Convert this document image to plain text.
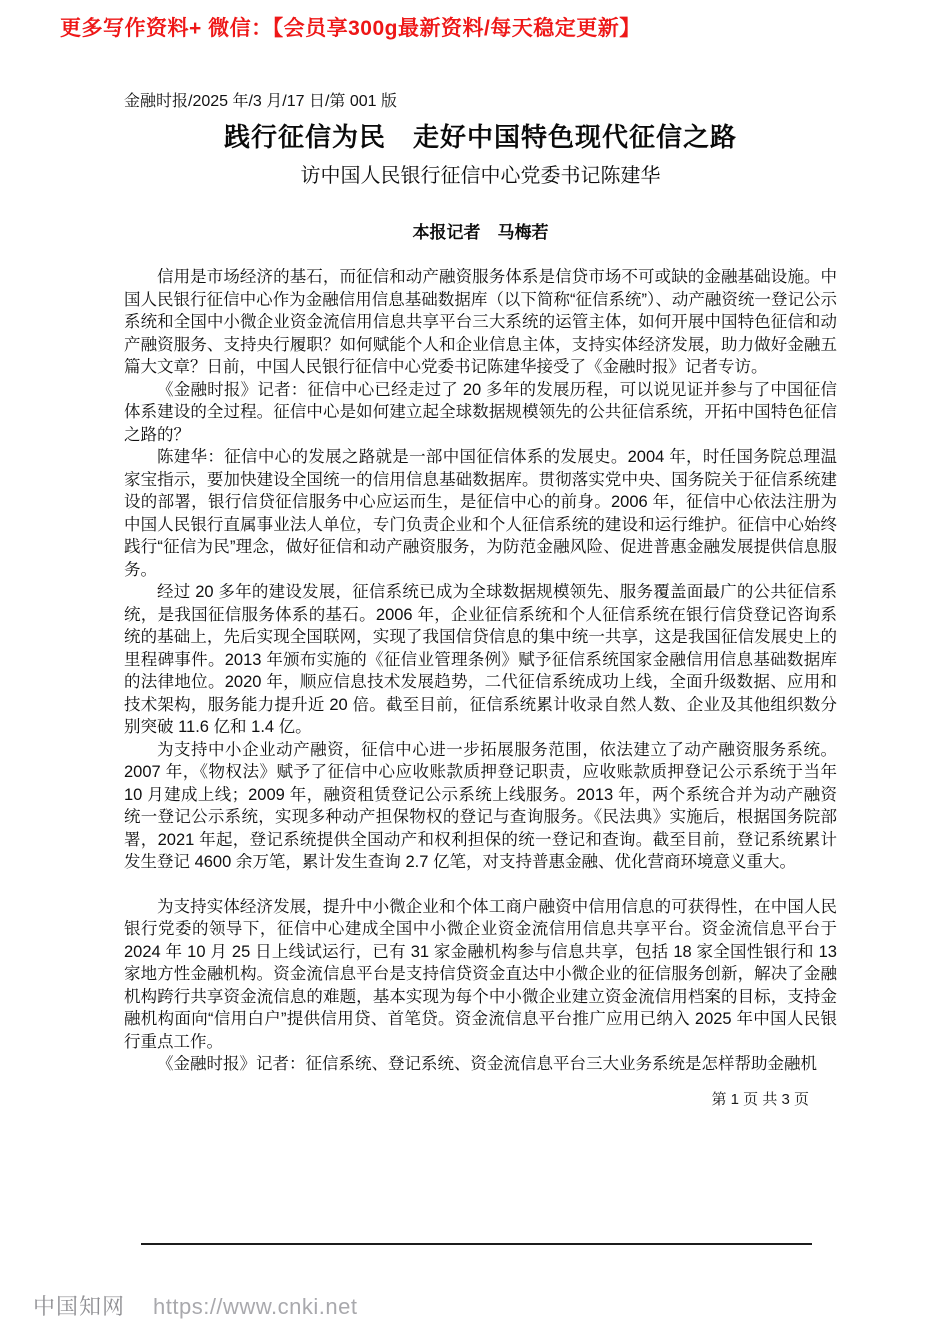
更多写作资料+ 微信：【会员享300g最新资料/每天稳定更新】
金融时报/2025 年/3 月/17 日/第 001 版
践行征信为民　走好中国特色现代征信之路
访中国人民银行征信中心党委书记陈建华
本报记者　马梅若

信用是市场经济的基石，而征信和动产融资服务体系是信贷市场不可或缺的金融基础设施。中国人民银行征信中心作为金融信用信息基础数据库（以下简称“征信系统”）、动产融资统一登记公示系统和全国中小微企业资金流信用信息共享平台三大系统的运管主体，如何开展中国特色征信和动产融资服务、支持央行履职？如何赋能个人和企业信息主体，支持实体经济发展，助力做好金融五篇大文章？日前，中国人民银行征信中心党委书记陈建华接受了《金融时报》记者专访。

《金融时报》记者：征信中心已经走过了 20 多年的发展历程，可以说见证并参与了中国征信体系建设的全过程。征信中心是如何建立起全球数据规模领先的公共征信系统，开拓中国特色征信之路的？

陈建华：征信中心的发展之路就是一部中国征信体系的发展史。2004 年，时任国务院总理温家宝指示，要加快建设全国统一的信用信息基础数据库。贯彻落实党中央、国务院关于征信系统建设的部署，银行信贷征信服务中心应运而生，是征信中心的前身。2006 年，征信中心依法注册为中国人民银行直属事业法人单位，专门负责企业和个人征信系统的建设和运行维护。征信中心始终践行“征信为民”理念，做好征信和动产融资服务，为防范金融风险、促进普惠金融发展提供信息服务。

经过 20 多年的建设发展，征信系统已成为全球数据规模领先、服务覆盖面最广的公共征信系统，是我国征信服务体系的基石。2006 年，企业征信系统和个人征信系统在银行信贷登记咨询系统的基础上，先后实现全国联网，实现了我国信贷信息的集中统一共享，这是我国征信发展史上的里程碑事件。2013 年颁布实施的《征信业管理条例》赋予征信系统国家金融信用信息基础数据库的法律地位。2020 年，顺应信息技术发展趋势，二代征信系统成功上线，全面升级数据、应用和技术架构，服务能力提升近 20 倍。截至目前，征信系统累计收录自然人数、企业及其他组织数分别突破 11.6 亿和 1.4 亿。

为支持中小企业动产融资，征信中心进一步拓展服务范围，依法建立了动产融资服务系统。2007 年，《物权法》赋予了征信中心应收账款质押登记职责，应收账款质押登记公示系统于当年 10 月建成上线；2009 年，融资租赁登记公示系统上线服务。2013 年，两个系统合并为动产融资统一登记公示系统，实现多种动产担保物权的登记与查询服务。《民法典》实施后，根据国务院部署，2021 年起，登记系统提供全国动产和权利担保的统一登记和查询。截至目前，登记系统累计发生登记 4600 余万笔，累计发生查询 2.7 亿笔，对支持普惠金融、优化营商环境意义重大。

为支持实体经济发展，提升中小微企业和个体工商户融资中信用信息的可获得性，在中国人民银行党委的领导下，征信中心建成全国中小微企业资金流信用信息共享平台。资金流信息平台于 2024 年 10 月 25 日上线试运行，已有 31 家金融机构参与信息共享，包括 18 家全国性银行和 13 家地方性金融机构。资金流信息平台是支持信贷资金直达中小微企业的征信服务创新，解决了金融机构跨行共享资金流信息的难题，基本实现为每个中小微企业建立资金流信用档案的目标，支持金融机构面向“信用白户”提供信用贷、首笔贷。资金流信息平台推广应用已纳入 2025 年中国人民银行重点工作。

《金融时报》记者：征信系统、登记系统、资金流信息平台三大业务系统是怎样帮助金融机

第 1 页 共 3 页
中国知网 https://www.cnki.net
